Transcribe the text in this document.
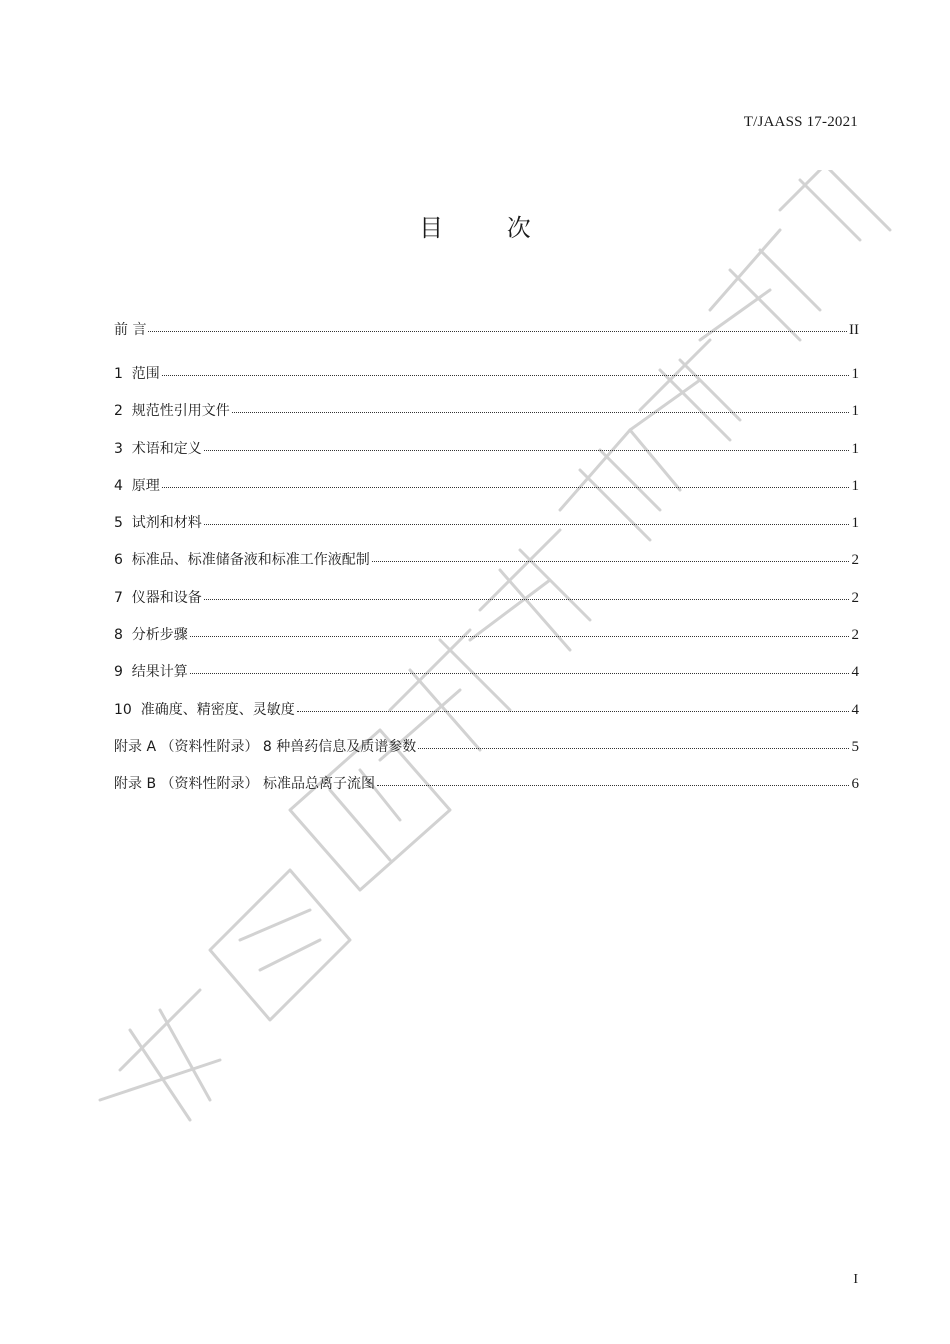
T/JAASS 17-2021
目 次
前 言	II
1  范围	1
2  规范性引用文件	1
3  术语和定义	1
4  原理	1
5  试剂和材料	1
6  标准品、标准储备液和标准工作液配制	2
7  仪器和设备	2
8  分析步骤	2
9  结果计算	4
10  准确度、精密度、灵敏度	4
附录 A （资料性附录） 8 种兽药信息及质谱参数	5
附录 B （资料性附录） 标准品总离子流图	6
I
